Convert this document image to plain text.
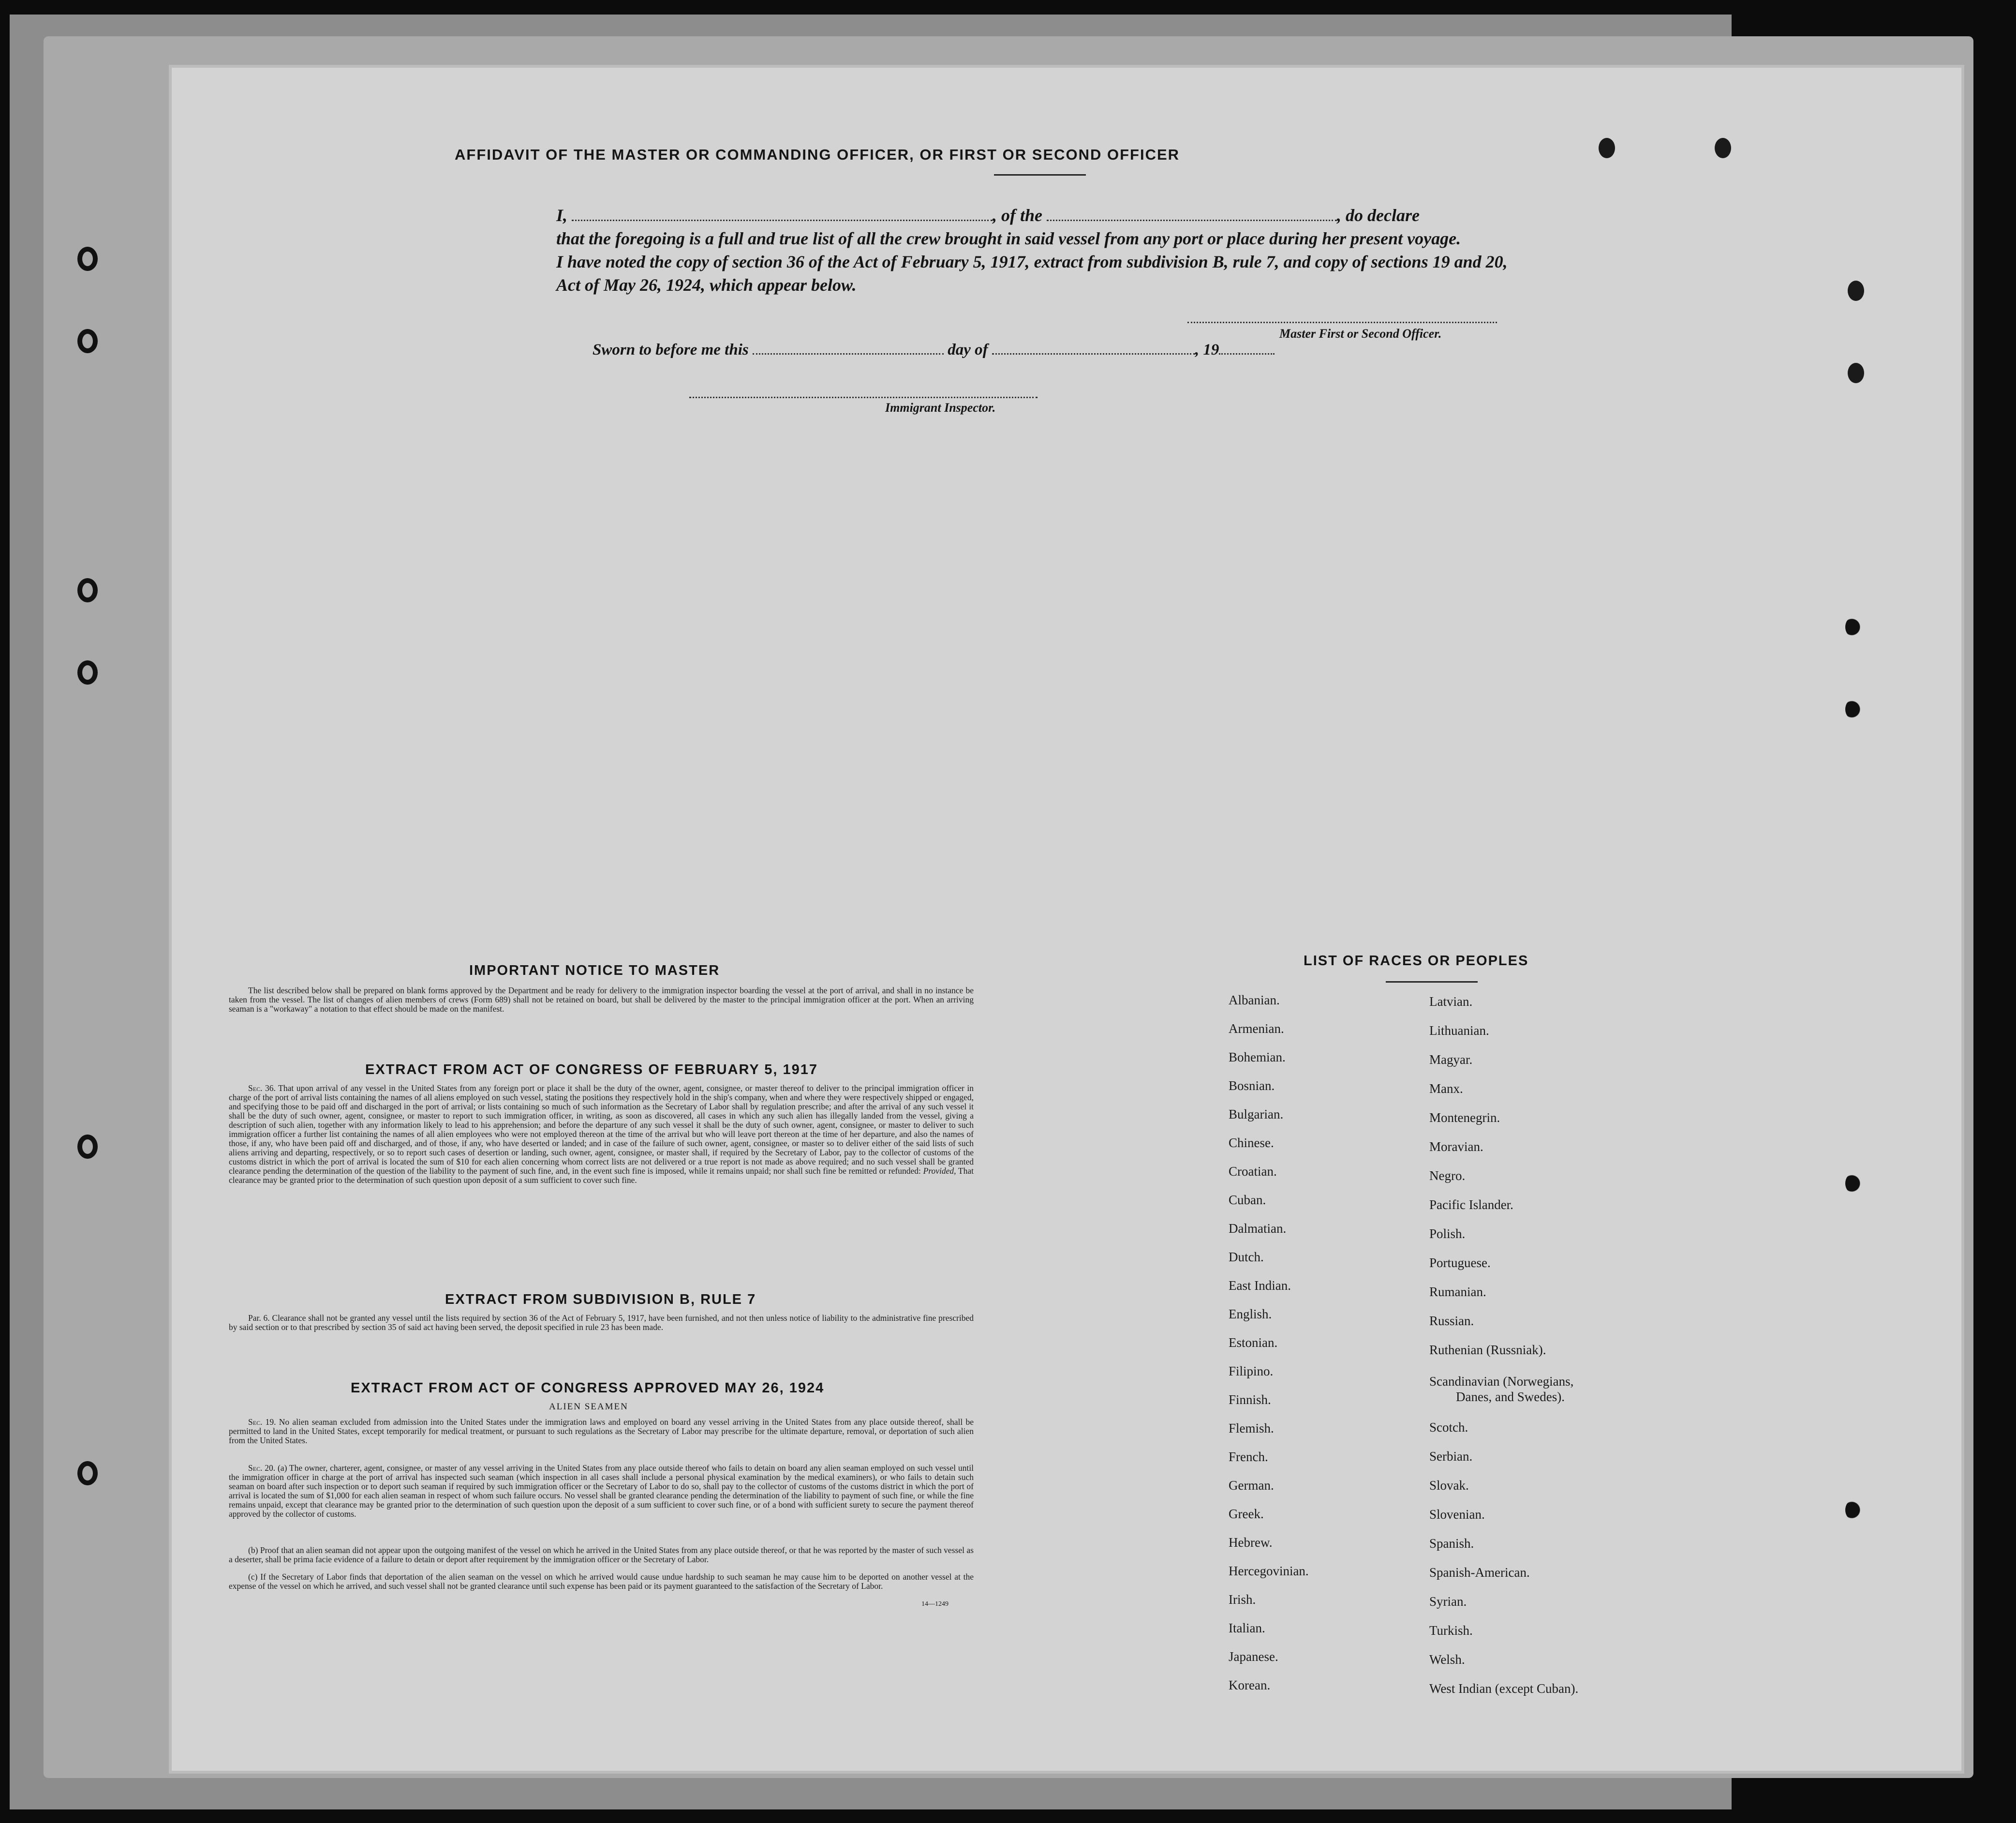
AFFIDAVIT OF THE MASTER OR COMMANDING OFFICER, OR FIRST OR SECOND OFFICER
I,	, of the	, do declare
that the foregoing is a full and true list of all the crew brought in said vessel from any port or place during her present voyage.
I have noted the copy of section 36 of the Act of February 5, 1917, extract from subdivision B, rule 7, and copy of sections 19 and 20,
Act of May 26, 1924, which appear below.
Master First or Second Officer.
Sworn to before me this	day of	, 19
Immigrant Inspector.
IMPORTANT NOTICE TO MASTER
The list described below shall be prepared on blank forms approved by the Department and be ready for delivery to the immigration inspector boarding the vessel at the port of arrival, and shall in no instance be taken from the vessel. The list of changes of alien members of crews (Form 689) shall not be retained on board, but shall be delivered by the master to the principal immigration officer at the port. When an arriving seaman is a "workaway" a notation to that effect should be made on the manifest.
EXTRACT FROM ACT OF CONGRESS OF FEBRUARY 5, 1917
Sec. 36. That upon arrival of any vessel in the United States from any foreign port or place it shall be the duty of the owner, agent, consignee, or master thereof to deliver to the principal immigration officer in charge of the port of arrival lists containing the names of all aliens employed on such vessel, stating the positions they respectively hold in the ship's company, when and where they were respectively shipped or engaged, and specifying those to be paid off and discharged in the port of arrival; or lists containing so much of such information as the Secretary of Labor shall by regulation prescribe; and after the arrival of any such vessel it shall be the duty of such owner, agent, consignee, or master to report to such immigration officer, in writing, as soon as discovered, all cases in which any such alien has illegally landed from the vessel, giving a description of such alien, together with any information likely to lead to his apprehension; and before the departure of any such vessel it shall be the duty of such owner, agent, consignee, or master to deliver to such immigration officer a further list containing the names of all alien employees who were not employed thereon at the time of the arrival but who will leave port thereon at the time of her departure, and also the names of those, if any, who have been paid off and discharged, and of those, if any, who have deserted or landed; and in case of the failure of such owner, agent, consignee, or master so to deliver either of the said lists of such aliens arriving and departing, respectively, or so to report such cases of desertion or landing, such owner, agent, consignee, or master shall, if required by the Secretary of Labor, pay to the collector of customs of the customs district in which the port of arrival is located the sum of $10 for each alien concerning whom correct lists are not delivered or a true report is not made as above required; and no such vessel shall be granted clearance pending the determination of the question of the liability to the payment of such fine, and, in the event such fine is imposed, while it remains unpaid; nor shall such fine be remitted or refunded: Provided, That clearance may be granted prior to the determination of such question upon deposit of a sum sufficient to cover such fine.
EXTRACT FROM SUBDIVISION B, RULE 7
Par. 6. Clearance shall not be granted any vessel until the lists required by section 36 of the Act of February 5, 1917, have been furnished, and not then unless notice of liability to the administrative fine prescribed by said section or to that prescribed by section 35 of said act having been served, the deposit specified in rule 23 has been made.
EXTRACT FROM ACT OF CONGRESS APPROVED MAY 26, 1924
ALIEN SEAMEN
Sec. 19. No alien seaman excluded from admission into the United States under the immigration laws and employed on board any vessel arriving in the United States from any place outside thereof, shall be permitted to land in the United States, except temporarily for medical treatment, or pursuant to such regulations as the Secretary of Labor may prescribe for the ultimate departure, removal, or deportation of such alien from the United States.
Sec. 20. (a) The owner, charterer, agent, consignee, or master of any vessel arriving in the United States from any place outside thereof who fails to detain on board any alien seaman employed on such vessel until the immigration officer in charge at the port of arrival has inspected such seaman (which inspection in all cases shall include a personal physical examination by the medical examiners), or who fails to detain such seaman on board after such inspection or to deport such seaman if required by such immigration officer or the Secretary of Labor to do so, shall pay to the collector of customs of the customs district in which the port of arrival is located the sum of $1,000 for each alien seaman in respect of whom such failure occurs. No vessel shall be granted clearance pending the determination of the liability to payment of such fine, or while the fine remains unpaid, except that clearance may be granted prior to the determination of such question upon the deposit of a sum sufficient to cover such fine, or of a bond with sufficient surety to secure the payment thereof approved by the collector of customs.
(b) Proof that an alien seaman did not appear upon the outgoing manifest of the vessel on which he arrived in the United States from any place outside thereof, or that he was reported by the master of such vessel as a deserter, shall be prima facie evidence of a failure to detain or deport after requirement by the immigration officer or the Secretary of Labor.
(c) If the Secretary of Labor finds that deportation of the alien seaman on the vessel on which he arrived would cause undue hardship to such seaman he may cause him to be deported on another vessel at the expense of the vessel on which he arrived, and such vessel shall not be granted clearance until such expense has been paid or its payment guaranteed to the satisfaction of the Secretary of Labor.
14—1249
LIST OF RACES OR PEOPLES
Albanian.
Armenian.
Bohemian.
Bosnian.
Bulgarian.
Chinese.
Croatian.
Cuban.
Dalmatian.
Dutch.
East Indian.
English.
Estonian.
Filipino.
Finnish.
Flemish.
French.
German.
Greek.
Hebrew.
Hercegovinian.
Irish.
Italian.
Japanese.
Korean.
Latvian.
Lithuanian.
Magyar.
Manx.
Montenegrin.
Moravian.
Negro.
Pacific Islander.
Polish.
Portuguese.
Rumanian.
Russian.
Ruthenian (Russniak).
Scandinavian (Norwegians,
Danes, and Swedes).
Scotch.
Serbian.
Slovak.
Slovenian.
Spanish.
Spanish-American.
Syrian.
Turkish.
Welsh.
West Indian (except Cuban).
